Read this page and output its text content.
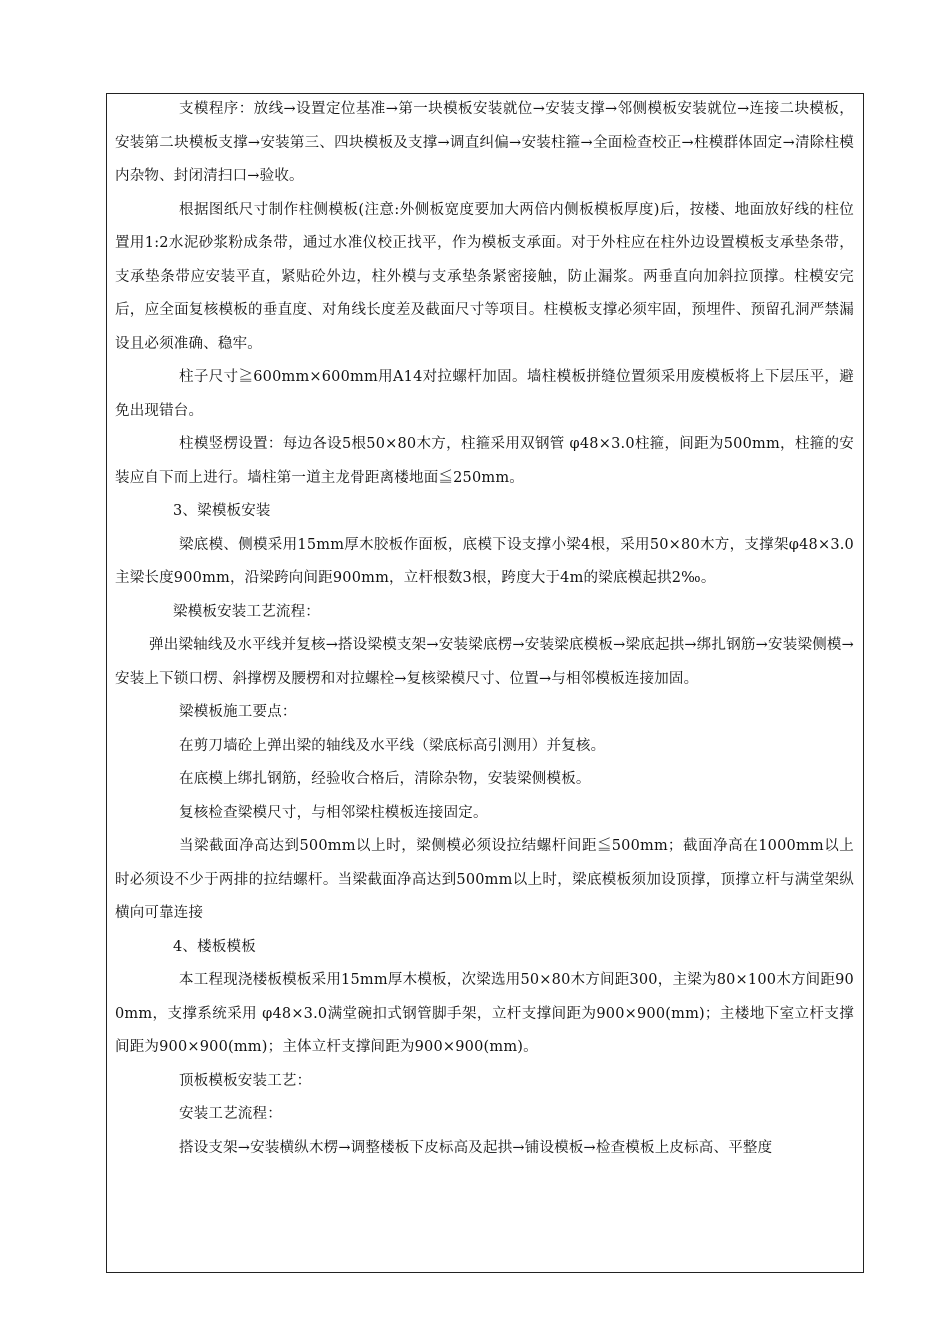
支模程序：放线→设置定位基准→第一块模板安装就位→安装支撑→邻侧模板安装就位→连接二块模板，安装第二块模板支撑→安装第三、四块模板及支撑→调直纠偏→安装柱箍→全面检查校正→柱模群体固定→清除柱模内杂物、封闭清扫口→验收。

根据图纸尺寸制作柱侧模板(注意:外侧板宽度要加大两倍内侧板模板厚度)后，按楼、地面放好线的柱位置用1:2水泥砂浆粉成条带，通过水准仪校正找平，作为模板支承面。对于外柱应在柱外边设置模板支承垫条带，支承垫条带应安装平直，紧贴砼外边，柱外模与支承垫条紧密接触，防止漏浆。两垂直向加斜拉顶撑。柱模安完后，应全面复核模板的垂直度、对角线长度差及截面尺寸等项目。柱模板支撑必须牢固，预埋件、预留孔洞严禁漏设且必须准确、稳牢。

柱子尺寸≧600mm×600mm用A14对拉螺杆加固。墙柱模板拼缝位置须采用废模板将上下层压平，避免出现错台。

柱模竖楞设置：每边各设5根50×80木方，柱箍采用双钢管 φ48×3.0柱箍，间距为500mm，柱箍的安装应自下而上进行。墙柱第一道主龙骨距离楼地面≦250mm。

3、梁模板安装

梁底模、侧模采用15mm厚木胶板作面板，底模下设支撑小梁4根，采用50×80木方，支撑架φ48×3.0主梁长度900mm，沿梁跨向间距900mm，立杆根数3根，跨度大于4m的梁底模起拱2‰。

梁模板安装工艺流程：

弹出梁轴线及水平线并复核→搭设梁模支架→安装梁底楞→安装梁底模板→梁底起拱→绑扎钢筋→安装梁侧模→安装上下锁口楞、斜撑楞及腰楞和对拉螺栓→复核梁模尺寸、位置→与相邻模板连接加固。

梁模板施工要点：

在剪刀墙砼上弹出梁的轴线及水平线（梁底标高引测用）并复核。

在底模上绑扎钢筋，经验收合格后，清除杂物，安装梁侧模板。

复核检查梁模尺寸，与相邻梁柱模板连接固定。

当梁截面净高达到500mm以上时，梁侧模必须设拉结螺杆间距≦500mm；截面净高在1000mm以上时必须设不少于两排的拉结螺杆。当梁截面净高达到500mm以上时，梁底模板须加设顶撑，顶撑立杆与满堂架纵横向可靠连接

4、楼板模板

本工程现浇楼板模板采用15mm厚木模板，次梁选用50×80木方间距300，主梁为80×100木方间距900mm，支撑系统采用 φ48×3.0满堂碗扣式钢管脚手架，立杆支撑间距为900×900(mm)；主楼地下室立杆支撑间距为900×900(mm)；主体立杆支撑间距为900×900(mm)。

顶板模板安装工艺：

安装工艺流程：

搭设支架→安装横纵木楞→调整楼板下皮标高及起拱→铺设模板→检查模板上皮标高、平整度
